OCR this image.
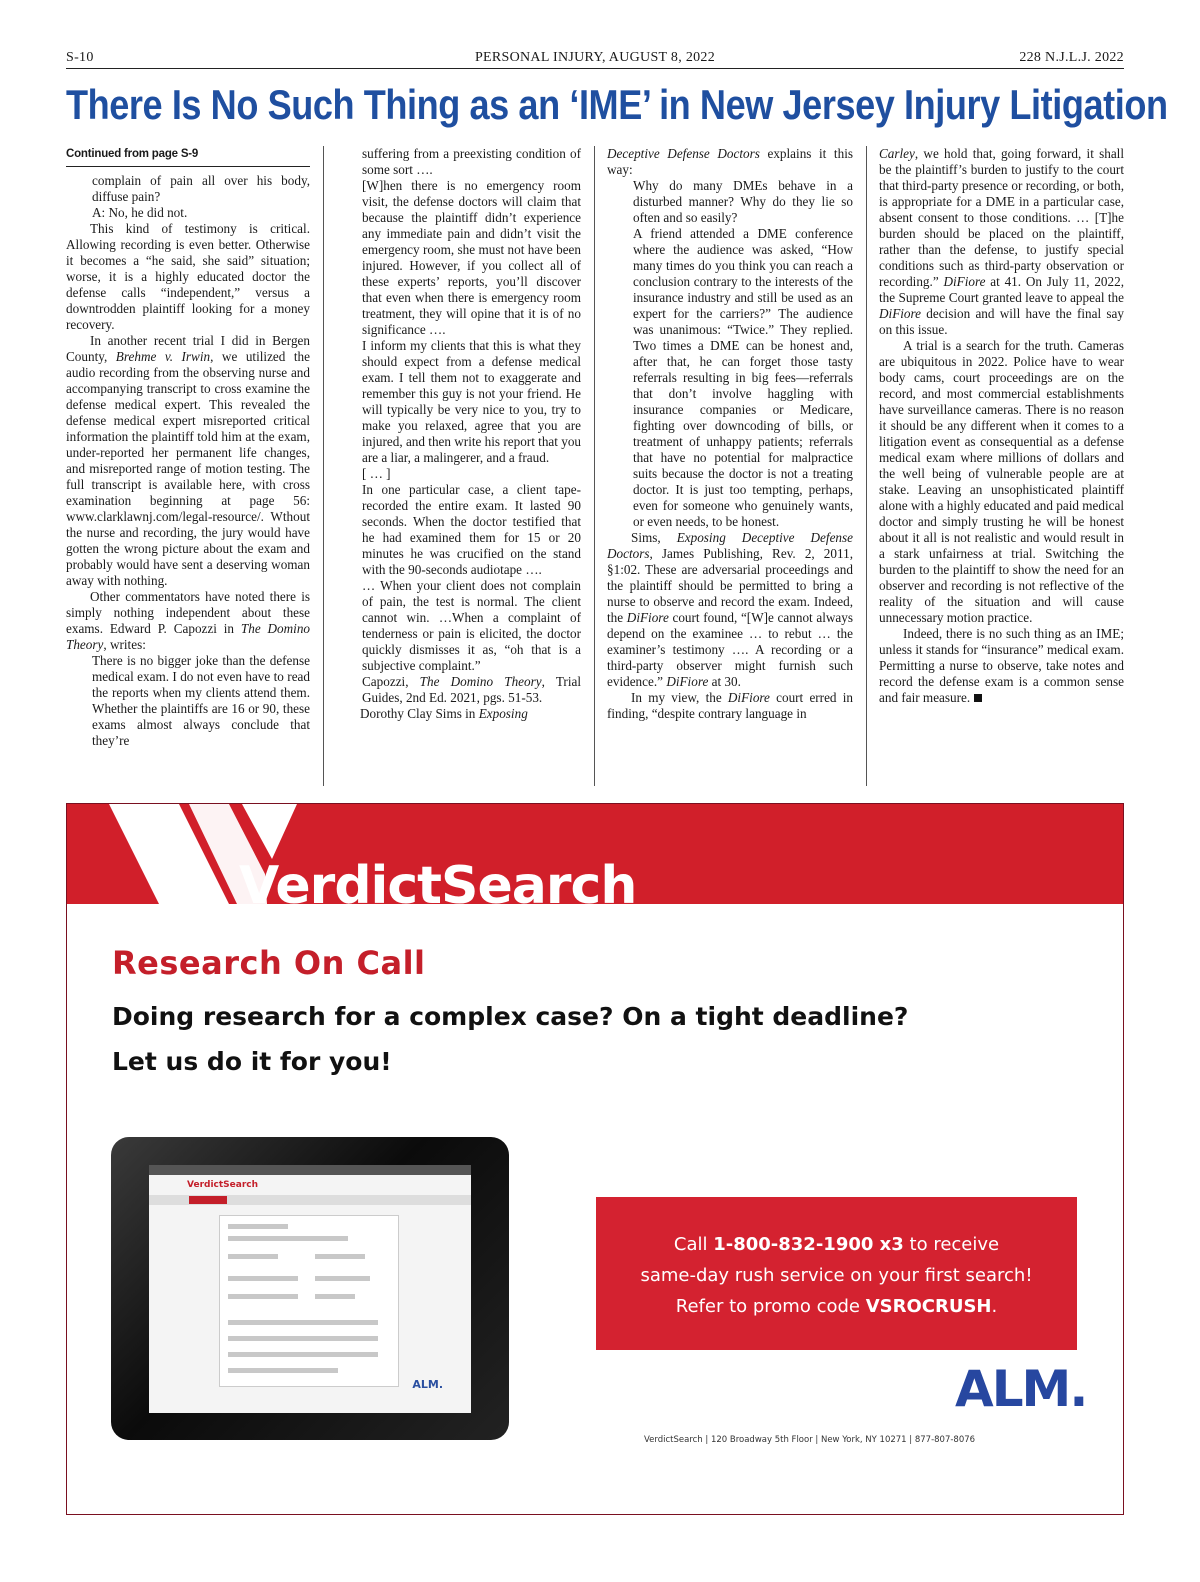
S-10	PERSONAL INJURY, AUGUST 8, 2022	228 N.J.L.J. 2022
There Is No Such Thing as an ‘IME’ in New Jersey Injury Litigation
Continued from page S-9

complain of pain all over his body, diffuse pain?

A: No, he did not.

This kind of testimony is critical. Allowing recording is even better. Otherwise it becomes a “he said, she said” situation; worse, it is a highly educated doctor the defense calls “independent,” versus a downtrodden plaintiff looking for a money recovery.

In another recent trial I did in Bergen County, Brehme v. Irwin, we utilized the audio recording from the observing nurse and accompanying transcript to cross examine the defense medical expert. This revealed the defense medical expert misreported critical information the plaintiff told him at the exam, under-reported her permanent life changes, and misreported range of motion testing. The full transcript is available here, with cross examination beginning at page 56: www.clarklawnj.com/legal-resource/. Wthout the nurse and recording, the jury would have gotten the wrong picture about the exam and probably would have sent a deserving woman away with nothing.

Other commentators have noted there is simply nothing independent about these exams. Edward P. Capozzi in The Domino Theory, writes:

There is no bigger joke than the defense medical exam. I do not even have to read the reports when my clients attend them. Whether the plaintiffs are 16 or 90, these exams almost always conclude that they’re

suffering from a preexisting condition of some sort ….

[W]hen there is no emergency room visit, the defense doctors will claim that because the plaintiff didn’t experience any immediate pain and didn’t visit the emergency room, she must not have been injured. However, if you collect all of these experts’ reports, you’ll discover that even when there is emergency room treatment, they will opine that it is of no significance ….

I inform my clients that this is what they should expect from a defense medical exam. I tell them not to exaggerate and remember this guy is not your friend. He will typically be very nice to you, try to make you relaxed, agree that you are injured, and then write his report that you are a liar, a malingerer, and a fraud.

[ … ]

In one particular case, a client tape-recorded the entire exam. It lasted 90 seconds. When the doctor testified that he had examined them for 15 or 20 minutes he was crucified on the stand with the 90-seconds audiotape ….

… When your client does not complain of pain, the test is normal. The client cannot win. …When a complaint of tenderness or pain is elicited, the doctor quickly dismisses it as, “oh that is a subjective complaint.”

Capozzi, The Domino Theory, Trial Guides, 2nd Ed. 2021, pgs. 51-53.

Dorothy Clay Sims in Exposing

Deceptive Defense Doctors explains it this way:

Why do many DMEs behave in a disturbed manner? Why do they lie so often and so easily?

A friend attended a DME conference where the audience was asked, “How many times do you think you can reach a conclusion contrary to the interests of the insurance industry and still be used as an expert for the carriers?” The audience was unanimous: “Twice.” They replied. Two times a DME can be honest and, after that, he can forget those tasty referrals resulting in big fees—referrals that don’t involve haggling with insurance companies or Medicare, fighting over downcoding of bills, or treatment of unhappy patients; referrals that have no potential for malpractice suits because the doctor is not a treating doctor. It is just too tempting, perhaps, even for someone who genuinely wants, or even needs, to be honest.

Sims, Exposing Deceptive Defense Doctors, James Publishing, Rev. 2, 2011, §1:02. These are adversarial proceedings and the plaintiff should be permitted to bring a nurse to observe and record the exam. Indeed, the DiFiore court found, “[W]e cannot always depend on the examinee … to rebut … the examiner’s testimony …. A recording or a third-party observer might furnish such evidence.” DiFiore at 30.

In my view, the DiFiore court erred in finding, “despite contrary language in

Carley, we hold that, going forward, it shall be the plaintiff’s burden to justify to the court that third-party presence or recording, or both, is appropriate for a DME in a particular case, absent consent to those conditions. … [T]he burden should be placed on the plaintiff, rather than the defense, to justify special conditions such as third-party observation or recording.” DiFiore at 41. On July 11, 2022, the Supreme Court granted leave to appeal the DiFiore decision and will have the final say on this issue.

A trial is a search for the truth. Cameras are ubiquitous in 2022. Police have to wear body cams, court proceedings are on the record, and most commercial establishments have surveillance cameras. There is no reason it should be any different when it comes to a litigation event as consequential as a defense medical exam where millions of dollars and the well being of vulnerable people are at stake. Leaving an unsophisticated plaintiff alone with a highly educated and paid medical doctor and simply trusting he will be honest about it all is not realistic and would result in a stark unfairness at trial. Switching the burden to the plaintiff to show the need for an observer and recording is not reflective of the reality of the situation and will cause unnecessary motion practice.

Indeed, there is no such thing as an IME; unless it stands for “insurance” medical exam. Permitting a nurse to observe, take notes and record the defense exam is a common sense and fair measure.

VerdictSearch
Research On Call
Doing research for a complex case? On a tight deadline?
Let us do it for you!
VerdictSearch
ALM.
Call 1-800-832-1900 x3 to receive
same-day rush service on your first search!
Refer to promo code VSROCRUSH.
ALM.
VerdictSearch | 120 Broadway 5th Floor | New York, NY 10271 | 877-807-8076
